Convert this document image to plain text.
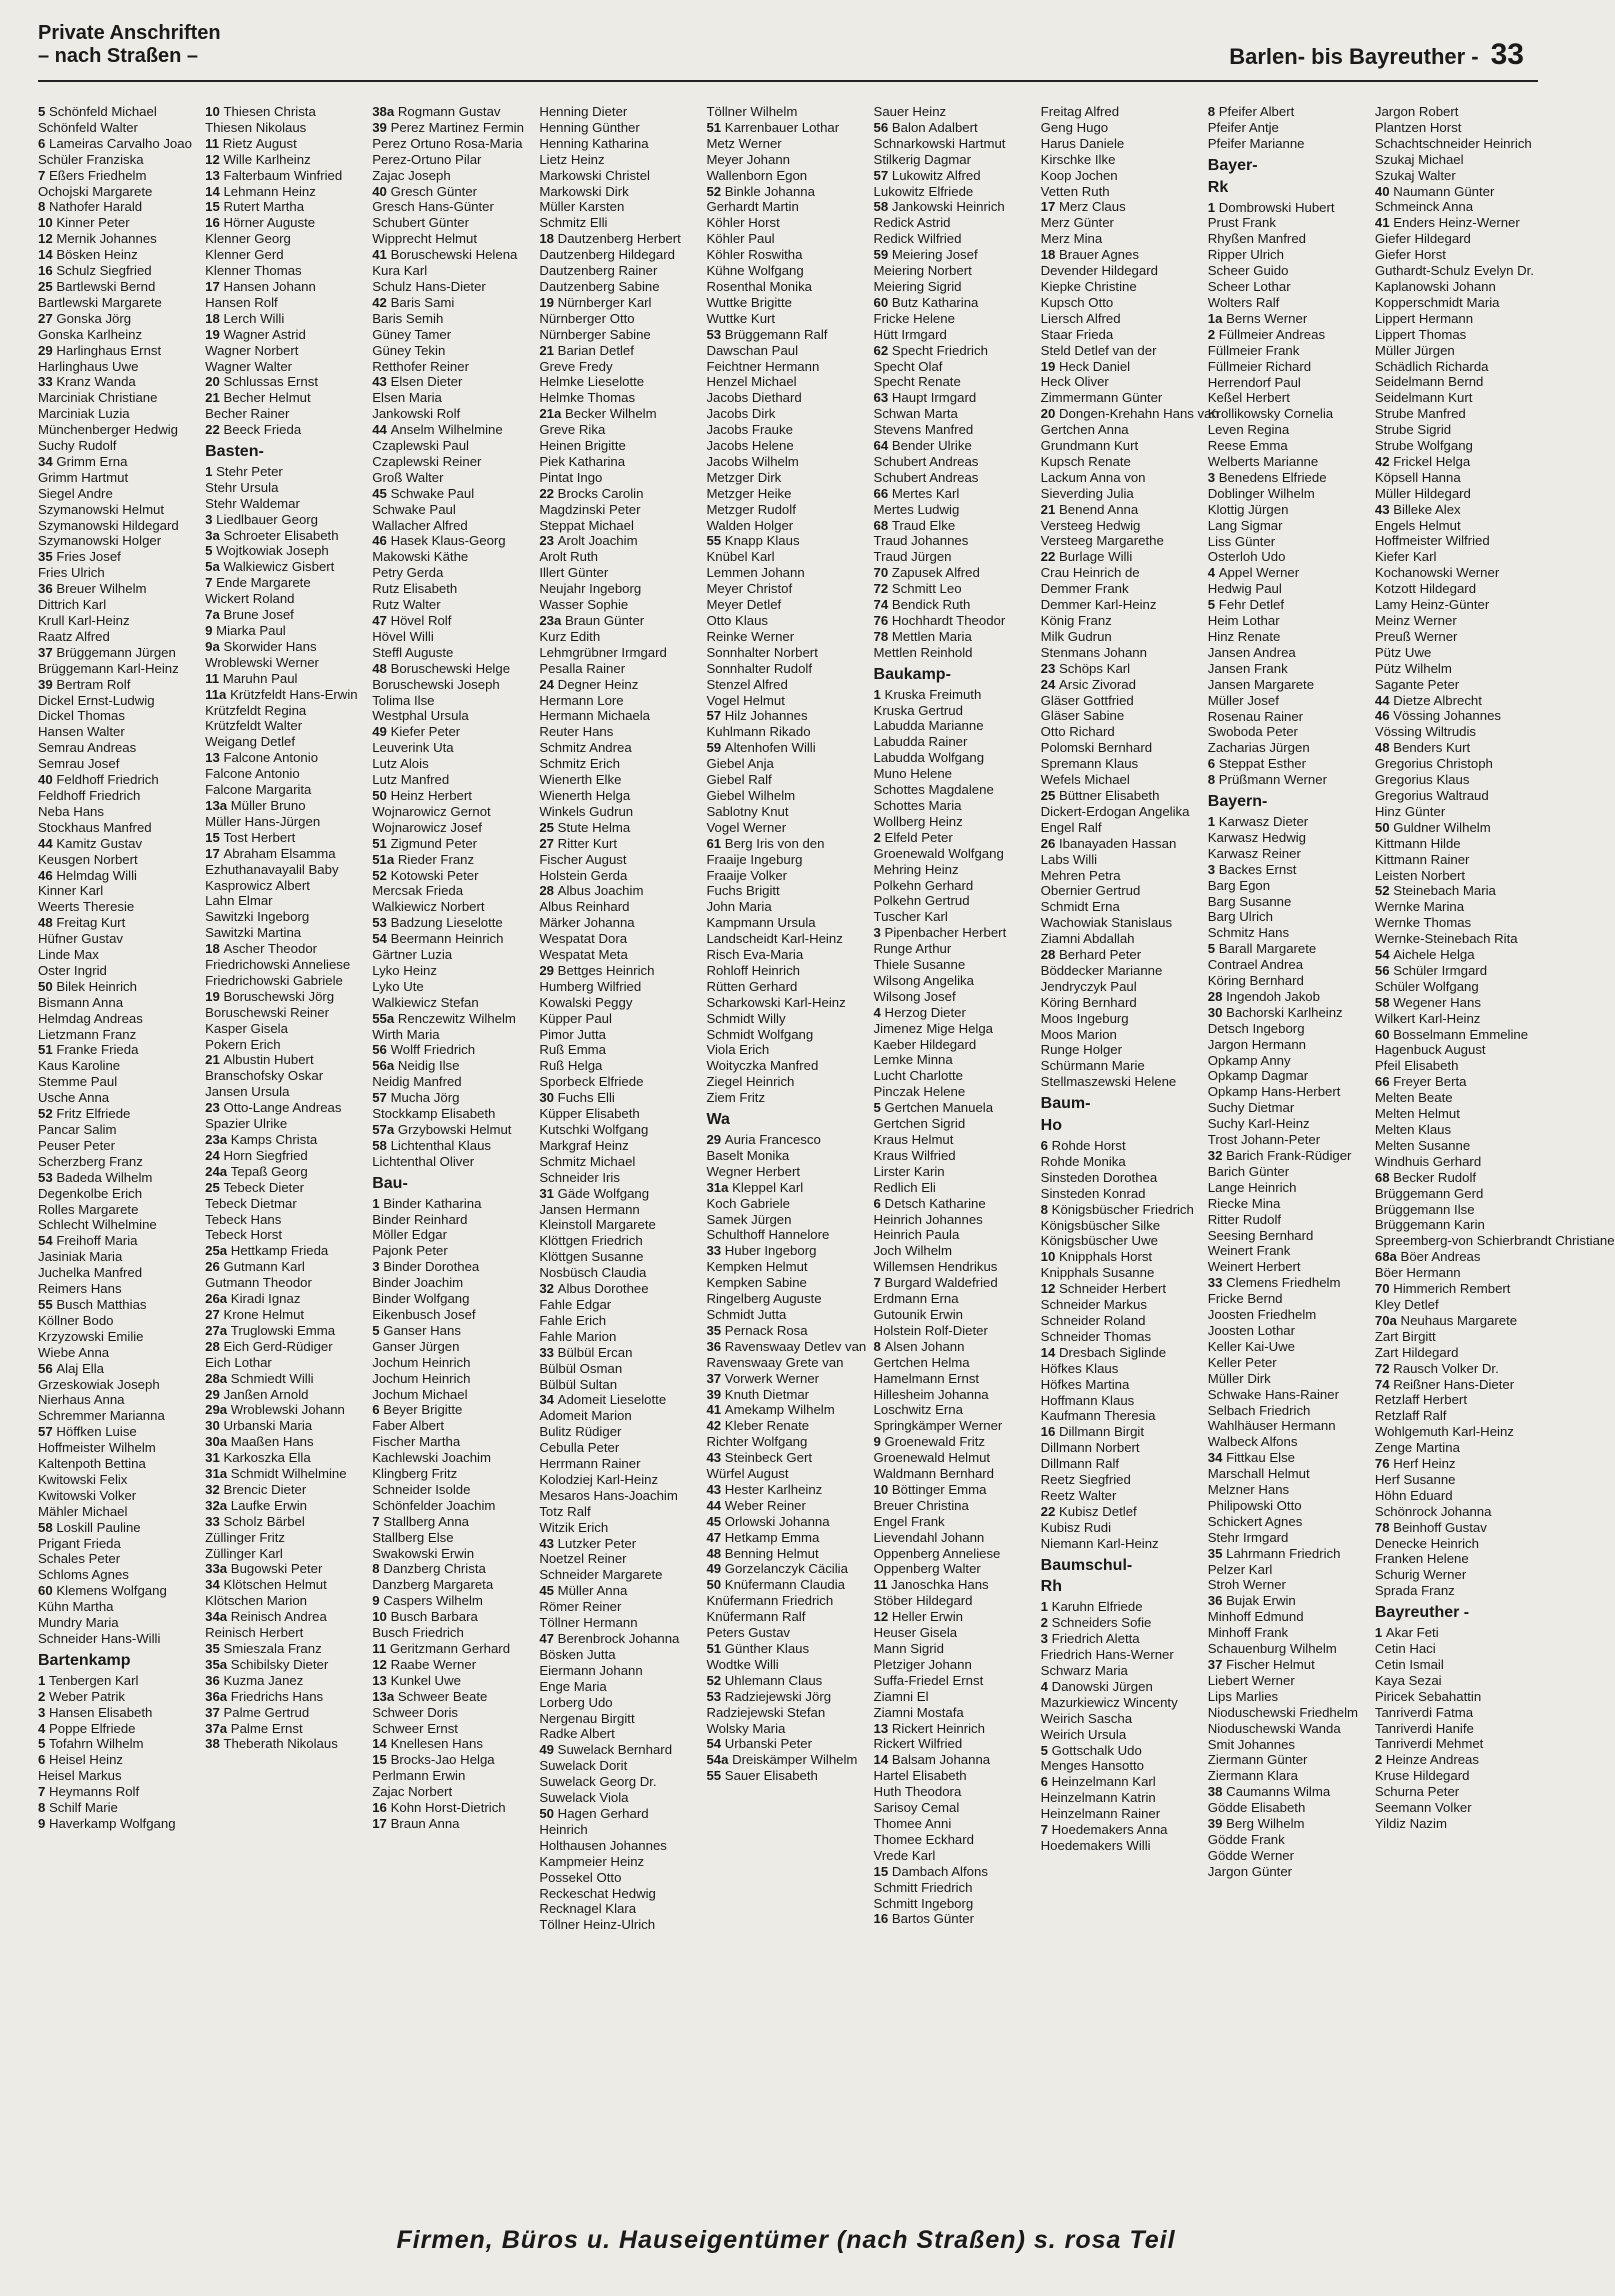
Private Anschriften
– nach Straßen –	Barlen- bis Bayreuther - 33
5 Schönfeld Michael
Schönfeld Walter
6 Lameiras Carvalho Joao
Schüler Franziska
7 Eßers Friedhelm
Ochojski Margarete
8 Nathofer Harald
10 Kinner Peter
12 Mernik Johannes
14 Bösken Heinz
16 Schulz Siegfried
25 Bartlewski Bernd
Bartlewski Margarete
27 Gonska Jörg
Gonska Karlheinz
29 Harlinghaus Ernst
Harlinghaus Uwe
33 Kranz Wanda
Marciniak Christiane
Marciniak Luzia
Münchenberger Hedwig
Suchy Rudolf
34 Grimm Erna
Grimm Hartmut
Siegel Andre
Szymanowski Helmut
Szymanowski Hildegard
Szymanowski Holger
35 Fries Josef
Fries Ulrich
36 Breuer Wilhelm
Dittrich Karl
Krull Karl-Heinz
Raatz Alfred
37 Brüggemann Jürgen
Brüggemann Karl-Heinz
39 Bertram Rolf
Dickel Ernst-Ludwig
Dickel Thomas
Hansen Walter
Semrau Andreas
Semrau Josef
40 Feldhoff Friedrich
Feldhoff Friedrich
Neba Hans
Stockhaus Manfred
44 Kamitz Gustav
Keusgen Norbert
46 Helmdag Willi
Kinner Karl
Weerts Theresie
48 Freitag Kurt
Hüfner Gustav
Linde Max
Oster Ingrid
50 Bilek Heinrich
Bismann Anna
Helmdag Andreas
Lietzmann Franz
51 Franke Frieda
Kaus Karoline
Stemme Paul
Usche Anna
52 Fritz Elfriede
Pancar Salim
Peuser Peter
Scherzberg Franz
53 Badeda Wilhelm
Degenkolbe Erich
Rolles Margarete
Schlecht Wilhelmine
54 Freihoff Maria
Jasiniak Maria
Juchelka Manfred
Reimers Hans
55 Busch Matthias
Köllner Bodo
Krzyzowski Emilie
Wiebe Anna
56 Alaj Ella
Grzeskowiak Joseph
Nierhaus Anna
Schremmer Marianna
57 Höffken Luise
Hoffmeister Wilhelm
Kaltenpoth Bettina
Kwitowski Felix
Kwitowski Volker
Mähler Michael
58 Loskill Pauline
Prigant Frieda
Schales Peter
Schloms Agnes
60 Klemens Wolfgang
Kühn Martha
Mundry Maria
Schneider Hans-Willi
Bartenkamp
1 Tenbergen Karl
2 Weber Patrik
3 Hansen Elisabeth
4 Poppe Elfriede
5 Tofahrn Wilhelm
6 Heisel Heinz
Heisel Markus
7 Heymanns Rolf
8 Schilf Marie
9 Haverkamp Wolfgang
10 Thiesen Christa
Thiesen Nikolaus
11 Rietz August
12 Wille Karlheinz
13 Falterbaum Winfried
14 Lehmann Heinz
15 Rutert Martha
16 Hörner Auguste
Klenner Georg
Klenner Gerd
Klenner Thomas
17 Hansen Johann
Hansen Rolf
18 Lerch Willi
19 Wagner Astrid
Wagner Norbert
Wagner Walter
20 Schlussas Ernst
21 Becher Helmut
Becher Rainer
22 Beeck Frieda
Basten-
1 Stehr Peter
Stehr Ursula
Stehr Waldemar
3 Liedlbauer Georg
3a Schroeter Elisabeth
5 Wojtkowiak Joseph
5a Walkiewicz Gisbert
7 Ende Margarete
Wickert Roland
7a Brune Josef
9 Miarka Paul
9a Skorwider Hans
Wroblewski Werner
11 Maruhn Paul
11a Krützfeldt Hans-Erwin
Krützfeldt Regina
Krützfeldt Walter
Weigang Detlef
13 Falcone Antonio
Falcone Antonio
Falcone Margarita
13a Müller Bruno
Müller Hans-Jürgen
15 Tost Herbert
17 Abraham Elsamma
Ezhuthanavayalil Baby
Kasprowicz Albert
Lahn Elmar
Sawitzki Ingeborg
Sawitzki Martina
18 Ascher Theodor
Friedrichowski Anneliese
Friedrichowski Gabriele
19 Boruschewski Jörg
Boruschewski Reiner
Kasper Gisela
Pokern Erich
21 Albustin Hubert
Branschofsky Oskar
Jansen Ursula
23 Otto-Lange Andreas
Spazier Ulrike
23a Kamps Christa
24 Horn Siegfried
24a Tepaß Georg
25 Tebeck Dieter
Tebeck Dietmar
Tebeck Hans
Tebeck Horst
25a Hettkamp Frieda
26 Gutmann Karl
Gutmann Theodor
26a Kiradi Ignaz
27 Krone Helmut
27a Truglowski Emma
28 Eich Gerd-Rüdiger
Eich Lothar
28a Schmiedt Willi
29 Janßen Arnold
29a Wroblewski Johann
30 Urbanski Maria
30a Maaßen Hans
31 Karkoszka Ella
31a Schmidt Wilhelmine
32 Brencic Dieter
32a Laufke Erwin
33 Scholz Bärbel
Züllinger Fritz
Züllinger Karl
33a Bugowski Peter
34 Klötschen Helmut
Klötschen Marion
34a Reinisch Andrea
Reinisch Herbert
35 Smieszala Franz
35a Schibilsky Dieter
36 Kuzma Janez
36a Friedrichs Hans
37 Palme Gertrud
37a Palme Ernst
38 Theberath Nikolaus
38a Rogmann Gustav
39 Perez Martinez Fermin
Perez Ortuno Rosa-Maria
Perez-Ortuno Pilar
Zajac Joseph
40 Gresch Günter
Gresch Hans-Günter
Schubert Günter
Wipprecht Helmut
41 Boruschewski Helena
Kura Karl
Schulz Hans-Dieter
42 Baris Sami
Baris Semih
Güney Tamer
Güney Tekin
Retthofer Reiner
43 Elsen Dieter
Elsen Maria
Jankowski Rolf
44 Anselm Wilhelmine
Czaplewski Paul
Czaplewski Reiner
Groß Walter
45 Schwake Paul
Schwake Paul
Wallacher Alfred
46 Hasek Klaus-Georg
Makowski Käthe
Petry Gerda
Rutz Elisabeth
Rutz Walter
47 Hövel Rolf
Hövel Willi
Steffl Auguste
48 Boruschewski Helge
Boruschewski Joseph
Tolima Ilse
Westphal Ursula
49 Kiefer Peter
Leuverink Uta
Lutz Alois
Lutz Manfred
50 Heinz Herbert
Wojnarowicz Gernot
Wojnarowicz Josef
51 Zigmund Peter
51a Rieder Franz
52 Kotowski Peter
Mercsak Frieda
Walkiewicz Norbert
53 Badzung Lieselotte
54 Beermann Heinrich
Gärtner Luzia
Lyko Heinz
Lyko Ute
Walkiewicz Stefan
55a Renczewitz Wilhelm
Wirth Maria
56 Wolff Friedrich
56a Neidig Ilse
Neidig Manfred
57 Mucha Jörg
Stockkamp Elisabeth
57a Grzybowski Helmut
58 Lichtenthal Klaus
Lichtenthal Oliver
Bau-
1 Binder Katharina
Binder Reinhard
Möller Edgar
Pajonk Peter
3 Binder Dorothea
Binder Joachim
Binder Wolfgang
Eikenbusch Josef
5 Ganser Hans
Ganser Jürgen
Jochum Heinrich
Jochum Heinrich
Jochum Michael
6 Beyer Brigitte
Faber Albert
Fischer Martha
Kachlewski Joachim
Klingberg Fritz
Schneider Isolde
Schönfelder Joachim
7 Stallberg Anna
Stallberg Else
Swakowski Erwin
8 Danzberg Christa
Danzberg Margareta
9 Caspers Wilhelm
10 Busch Barbara
Busch Friedrich
11 Geritzmann Gerhard
12 Raabe Werner
13 Kunkel Uwe
13a Schweer Beate
Schweer Doris
Schweer Ernst
14 Knellesen Hans
15 Brocks-Jao Helga
Perlmann Erwin
Zajac Norbert
16 Kohn Horst-Dietrich
17 Braun Anna
Henning Dieter
Henning Günther
Henning Katharina
Lietz Heinz
Markowski Christel
Markowski Dirk
Müller Karsten
Schmitz Elli
18 Dautzenberg Herbert
Dautzenberg Hildegard
Dautzenberg Rainer
Dautzenberg Sabine
19 Nürnberger Karl
Nürnberger Otto
Nürnberger Sabine
21 Barian Detlef
Greve Fredy
Helmke Lieselotte
Helmke Thomas
21a Becker Wilhelm
Greve Rika
Heinen Brigitte
Piek Katharina
Pintat Ingo
22 Brocks Carolin
Magdzinski Peter
Steppat Michael
23 Arolt Joachim
Arolt Ruth
Illert Günter
Neujahr Ingeborg
Wasser Sophie
23a Braun Günter
Kurz Edith
Lehmgrübner Irmgard
Pesalla Rainer
24 Degner Heinz
Hermann Lore
Hermann Michaela
Reuter Hans
Schmitz Andrea
Schmitz Erich
Wienerth Elke
Wienerth Helga
Winkels Gudrun
25 Stute Helma
27 Ritter Kurt
Fischer August
Holstein Gerda
28 Albus Joachim
Albus Reinhard
Märker Johanna
Wespatat Dora
Wespatat Meta
29 Bettges Heinrich
Humberg Wilfried
Kowalski Peggy
Küpper Paul
Pimor Jutta
Ruß Emma
Ruß Helga
Sporbeck Elfriede
30 Fuchs Elli
Küpper Elisabeth
Kutschki Wolfgang
Markgraf Heinz
Schmitz Michael
Schneider Iris
31 Gäde Wolfgang
Jansen Hermann
Kleinstoll Margarete
Klöttgen Friedrich
Klöttgen Susanne
Nosbüsch Claudia
32 Albus Dorothee
Fahle Edgar
Fahle Erich
Fahle Marion
33 Bülbül Ercan
Bülbül Osman
Bülbül Sultan
34 Adomeit Lieselotte
Adomeit Marion
Bulitz Rüdiger
Cebulla Peter
Herrmann Rainer
Kolodziej Karl-Heinz
Mesaros Hans-Joachim
Totz Ralf
Witzik Erich
43 Lutzker Peter
Noetzel Reiner
Schneider Margarete
45 Müller Anna
Römer Reiner
Töllner Hermann
47 Berenbrock Johanna
Bösken Jutta
Eiermann Johann
Enge Maria
Lorberg Udo
Nergenau Birgitt
Radke Albert
49 Suwelack Bernhard
Suwelack Dorit
Suwelack Georg Dr.
Suwelack Viola
50 Hagen Gerhard
Heinrich
Holthausen Johannes
Kampmeier Heinz
Possekel Otto
Reckeschat Hedwig
Recknagel Klara
Töllner Heinz-Ulrich
Töllner Wilhelm
51 Karrenbauer Lothar
Metz Werner
Meyer Johann
Wallenborn Egon
52 Binkle Johanna
Gerhardt Martin
Köhler Horst
Köhler Paul
Köhler Roswitha
Kühne Wolfgang
Rosenthal Monika
Wuttke Brigitte
Wuttke Kurt
53 Brüggemann Ralf
Dawschan Paul
Feichtner Hermann
Henzel Michael
Jacobs Diethard
Jacobs Dirk
Jacobs Frauke
Jacobs Helene
Jacobs Wilhelm
Metzger Dirk
Metzger Heike
Metzger Rudolf
Walden Holger
55 Knapp Klaus
Knübel Karl
Lemmen Johann
Meyer Christof
Meyer Detlef
Otto Klaus
Reinke Werner
Sonnhalter Norbert
Sonnhalter Rudolf
Stenzel Alfred
Vogel Helmut
57 Hilz Johannes
Kuhlmann Rikado
59 Altenhofen Willi
Giebel Anja
Giebel Ralf
Giebel Wilhelm
Sablotny Knut
Vogel Werner
61 Berg Iris von den
Fraaije Ingeburg
Fraaije Volker
Fuchs Brigitt
John Maria
Kampmann Ursula
Landscheidt Karl-Heinz
Risch Eva-Maria
Rohloff Heinrich
Rütten Gerhard
Scharkowski Karl-Heinz
Schmidt Willy
Schmidt Wolfgang
Viola Erich
Woityczka Manfred
Ziegel Heinrich
Ziem Fritz
Wa
29 Auria Francesco
Baselt Monika
Wegner Herbert
31a Kleppel Karl
Koch Gabriele
Samek Jürgen
Schulthoff Hannelore
33 Huber Ingeborg
Kempken Helmut
Kempken Sabine
Ringelberg Auguste
Schmidt Jutta
35 Pernack Rosa
36 Ravenswaay Detlev van
Ravenswaay Grete van
37 Vorwerk Werner
39 Knuth Dietmar
41 Amekamp Wilhelm
42 Kleber Renate
Richter Wolfgang
43 Steinbeck Gert
Würfel August
43 Hester Karlheinz
44 Weber Reiner
45 Orlowski Johanna
47 Hetkamp Emma
48 Benning Helmut
49 Gorzelanczyk Cäcilia
50 Knüfermann Claudia
Knüfermann Friedrich
Knüfermann Ralf
Peters Gustav
51 Günther Klaus
Wodtke Willi
52 Uhlemann Claus
53 Radziejewski Jörg
Radziejewski Stefan
Wolsky Maria
54 Urbanski Peter
54a Dreiskämper Wilhelm
55 Sauer Elisabeth
Sauer Heinz
56 Balon Adalbert
Schnarkowski Hartmut
Stilkerig Dagmar
57 Lukowitz Alfred
Lukowitz Elfriede
58 Jankowski Heinrich
Redick Astrid
Redick Wilfried
59 Meiering Josef
Meiering Norbert
Meiering Sigrid
60 Butz Katharina
Fricke Helene
Hütt Irmgard
62 Specht Friedrich
Specht Olaf
Specht Renate
63 Haupt Irmgard
Schwan Marta
Stevens Manfred
64 Bender Ulrike
Schubert Andreas
Schubert Andreas
66 Mertes Karl
Mertes Ludwig
68 Traud Elke
Traud Johannes
Traud Jürgen
70 Zapusek Alfred
72 Schmitt Leo
74 Bendick Ruth
76 Hochhardt Theodor
78 Mettlen Maria
Mettlen Reinhold
Baukamp-
1 Kruska Freimuth
Kruska Gertrud
Labudda Marianne
Labudda Rainer
Labudda Wolfgang
Muno Helene
Schottes Magdalene
Schottes Maria
Wollberg Heinz
2 Elfeld Peter
Groenewald Wolfgang
Mehring Heinz
Polkehn Gerhard
Polkehn Gertrud
Tuscher Karl
3 Pipenbacher Herbert
Runge Arthur
Thiele Susanne
Wilsong Angelika
Wilsong Josef
4 Herzog Dieter
Jimenez Mige Helga
Kaeber Hildegard
Lemke Minna
Lucht Charlotte
Pinczak Helene
5 Gertchen Manuela
Gertchen Sigrid
Kraus Helmut
Kraus Wilfried
Lirster Karin
Redlich Eli
6 Detsch Katharine
Heinrich Johannes
Heinrich Paula
Joch Wilhelm
Willemsen Hendrikus
7 Burgard Waldefried
Erdmann Erna
Gutounik Erwin
Holstein Rolf-Dieter
8 Alsen Johann
Gertchen Helma
Hamelmann Ernst
Hillesheim Johanna
Loschwitz Erna
Springkämper Werner
9 Groenewald Fritz
Groenewald Helmut
Waldmann Bernhard
10 Böttinger Emma
Breuer Christina
Engel Frank
Lievendahl Johann
Oppenberg Anneliese
Oppenberg Walter
11 Janoschka Hans
Stöber Hildegard
12 Heller Erwin
Heuser Gisela
Mann Sigrid
Pletziger Johann
Suffa-Friedel Ernst
Ziamni El
Ziamni Mostafa
13 Rickert Heinrich
Rickert Wilfried
14 Balsam Johanna
Hartel Elisabeth
Huth Theodora
Sarisoy Cemal
Thomee Anni
Thomee Eckhard
Vrede Karl
15 Dambach Alfons
Schmitt Friedrich
Schmitt Ingeborg
16 Bartos Günter
Freitag Alfred
Geng Hugo
Harus Daniele
Kirschke Ilke
Koop Jochen
Vetten Ruth
17 Merz Claus
Merz Günter
Merz Mina
18 Brauer Agnes
Devender Hildegard
Kiepke Christine
Kupsch Otto
Liersch Alfred
Staar Frieda
Steld Detlef van der
19 Heck Daniel
Heck Oliver
Zimmermann Günter
20 Dongen-Krehahn Hans van
Gertchen Anna
Grundmann Kurt
Kupsch Renate
Lackum Anna von
Sieverding Julia
21 Benend Anna
Versteeg Hedwig
Versteeg Margarethe
22 Burlage Willi
Crau Heinrich de
Demmer Frank
Demmer Karl-Heinz
König Franz
Milk Gudrun
Stenmans Johann
23 Schöps Karl
24 Arsic Zivorad
Gläser Gottfried
Gläser Sabine
Otto Richard
Polomski Bernhard
Spremann Klaus
Wefels Michael
25 Büttner Elisabeth
Dickert-Erdogan Angelika
Engel Ralf
26 Ibanayaden Hassan
Labs Willi
Mehren Petra
Obernier Gertrud
Schmidt Erna
Wachowiak Stanislaus
Ziamni Abdallah
28 Berhard Peter
Böddecker Marianne
Jendryczyk Paul
Köring Bernhard
Moos Ingeburg
Moos Marion
Runge Holger
Schürmann Marie
Stellmaszewski Helene
Baum-
Ho
6 Rohde Horst
Rohde Monika
Sinsteden Dorothea
Sinsteden Konrad
8 Königsbüscher Friedrich
Königsbüscher Silke
Königsbüscher Uwe
10 Knipphals Horst
Knipphals Susanne
12 Schneider Herbert
Schneider Markus
Schneider Roland
Schneider Thomas
14 Dresbach Siglinde
Höfkes Klaus
Höfkes Martina
Hoffmann Klaus
Kaufmann Theresia
16 Dillmann Birgit
Dillmann Norbert
Dillmann Ralf
Reetz Siegfried
Reetz Walter
22 Kubisz Detlef
Kubisz Rudi
Niemann Karl-Heinz
Baumschul-
Rh
1 Karuhn Elfriede
2 Schneiders Sofie
3 Friedrich Aletta
Friedrich Hans-Werner
Schwarz Maria
4 Danowski Jürgen
Mazurkiewicz Wincenty
Weirich Sascha
Weirich Ursula
5 Gottschalk Udo
Menges Hansotto
6 Heinzelmann Karl
Heinzelmann Katrin
Heinzelmann Rainer
7 Hoedemakers Anna
Hoedemakers Willi
8 Pfeifer Albert
Pfeifer Antje
Pfeifer Marianne
Bayer-
Rk
1 Dombrowski Hubert
Prust Frank
Rhyßen Manfred
Ripper Ulrich
Scheer Guido
Scheer Lothar
Wolters Ralf
1a Berns Werner
2 Füllmeier Andreas
Füllmeier Frank
Füllmeier Richard
Herrendorf Paul
Keßel Herbert
Krollikowsky Cornelia
Leven Regina
Reese Emma
Welberts Marianne
3 Benedens Elfriede
Doblinger Wilhelm
Klottig Jürgen
Lang Sigmar
Liss Günter
Osterloh Udo
4 Appel Werner
Hedwig Paul
5 Fehr Detlef
Heim Lothar
Hinz Renate
Jansen Andrea
Jansen Frank
Jansen Margarete
Müller Josef
Rosenau Rainer
Swoboda Peter
Zacharias Jürgen
6 Steppat Esther
8 Prüßmann Werner
Bayern-
1 Karwasz Dieter
Karwasz Hedwig
Karwasz Reiner
3 Backes Ernst
Barg Egon
Barg Susanne
Barg Ulrich
Schmitz Hans
5 Barall Margarete
Contrael Andrea
Köring Bernhard
28 Ingendoh Jakob
30 Bachorski Karlheinz
Detsch Ingeborg
Jargon Hermann
Opkamp Anny
Opkamp Dagmar
Opkamp Hans-Herbert
Suchy Dietmar
Suchy Karl-Heinz
Trost Johann-Peter
32 Barich Frank-Rüdiger
Barich Günter
Lange Heinrich
Riecke Mina
Ritter Rudolf
Seesing Bernhard
Weinert Frank
Weinert Herbert
33 Clemens Friedhelm
Fricke Bernd
Joosten Friedhelm
Joosten Lothar
Keller Kai-Uwe
Keller Peter
Müller Dirk
Schwake Hans-Rainer
Selbach Friedrich
Wahlhäuser Hermann
Walbeck Alfons
34 Fittkau Else
Marschall Helmut
Melzner Hans
Philipowski Otto
Schickert Agnes
Stehr Irmgard
35 Lahrmann Friedrich
Pelzer Karl
Stroh Werner
36 Bujak Erwin
Minhoff Edmund
Minhoff Frank
Schauenburg Wilhelm
37 Fischer Helmut
Liebert Werner
Lips Marlies
Nioduschewski Friedhelm
Nioduschewski Wanda
Smit Johannes
Ziermann Günter
Ziermann Klara
38 Caumanns Wilma
Gödde Elisabeth
39 Berg Wilhelm
Gödde Frank
Gödde Werner
Jargon Günter
Jargon Robert
Plantzen Horst
Schachtschneider Heinrich
Szukaj Michael
Szukaj Walter
40 Naumann Günter
Schmeinck Anna
41 Enders Heinz-Werner
Giefer Hildegard
Giefer Horst
Guthardt-Schulz Evelyn Dr.
Kaplanowski Johann
Kopperschmidt Maria
Lippert Hermann
Lippert Thomas
Müller Jürgen
Schädlich Richarda
Seidelmann Bernd
Seidelmann Kurt
Strube Manfred
Strube Sigrid
Strube Wolfgang
42 Frickel Helga
Köpsell Hanna
Müller Hildegard
43 Billeke Alex
Engels Helmut
Hoffmeister Wilfried
Kiefer Karl
Kochanowski Werner
Kotzott Hildegard
Lamy Heinz-Günter
Meinz Werner
Preuß Werner
Pütz Uwe
Pütz Wilhelm
Sagante Peter
44 Dietze Albrecht
46 Vössing Johannes
Vössing Wiltrudis
48 Benders Kurt
Gregorius Christoph
Gregorius Klaus
Gregorius Waltraud
Hinz Günter
50 Guldner Wilhelm
Kittmann Hilde
Kittmann Rainer
Leisten Norbert
52 Steinebach Maria
Wernke Marina
Wernke Thomas
Wernke-Steinebach Rita
54 Aichele Helga
56 Schüler Irmgard
Schüler Wolfgang
58 Wegener Hans
Wilkert Karl-Heinz
60 Bosselmann Emmeline
Hagenbuck August
Pfeil Elisabeth
66 Freyer Berta
Melten Beate
Melten Helmut
Melten Klaus
Melten Susanne
Windhuis Gerhard
68 Becker Rudolf
Brüggemann Gerd
Brüggemann Ilse
Brüggemann Karin
Spreemberg-von Schierbrandt Christiane
68a Böer Andreas
Böer Hermann
70 Himmerich Rembert
Kley Detlef
70a Neuhaus Margarete
Zart Birgitt
Zart Hildegard
72 Rausch Volker Dr.
74 Reißner Hans-Dieter
Retzlaff Herbert
Retzlaff Ralf
Wohlgemuth Karl-Heinz
Zenge Martina
76 Herf Heinz
Herf Susanne
Höhn Eduard
Schönrock Johanna
78 Beinhoff Gustav
Denecke Heinrich
Franken Helene
Schurig Werner
Sprada Franz
Bayreuther -
1 Akar Feti
Cetin Haci
Cetin Ismail
Kaya Sezai
Piricek Sebahattin
Tanriverdi Fatma
Tanriverdi Hanife
Tanriverdi Mehmet
2 Heinze Andreas
Kruse Hildegard
Schurna Peter
Seemann Volker
Yildiz Nazim
Firmen, Büros u. Hauseigentümer (nach Straßen) s. rosa Teil
